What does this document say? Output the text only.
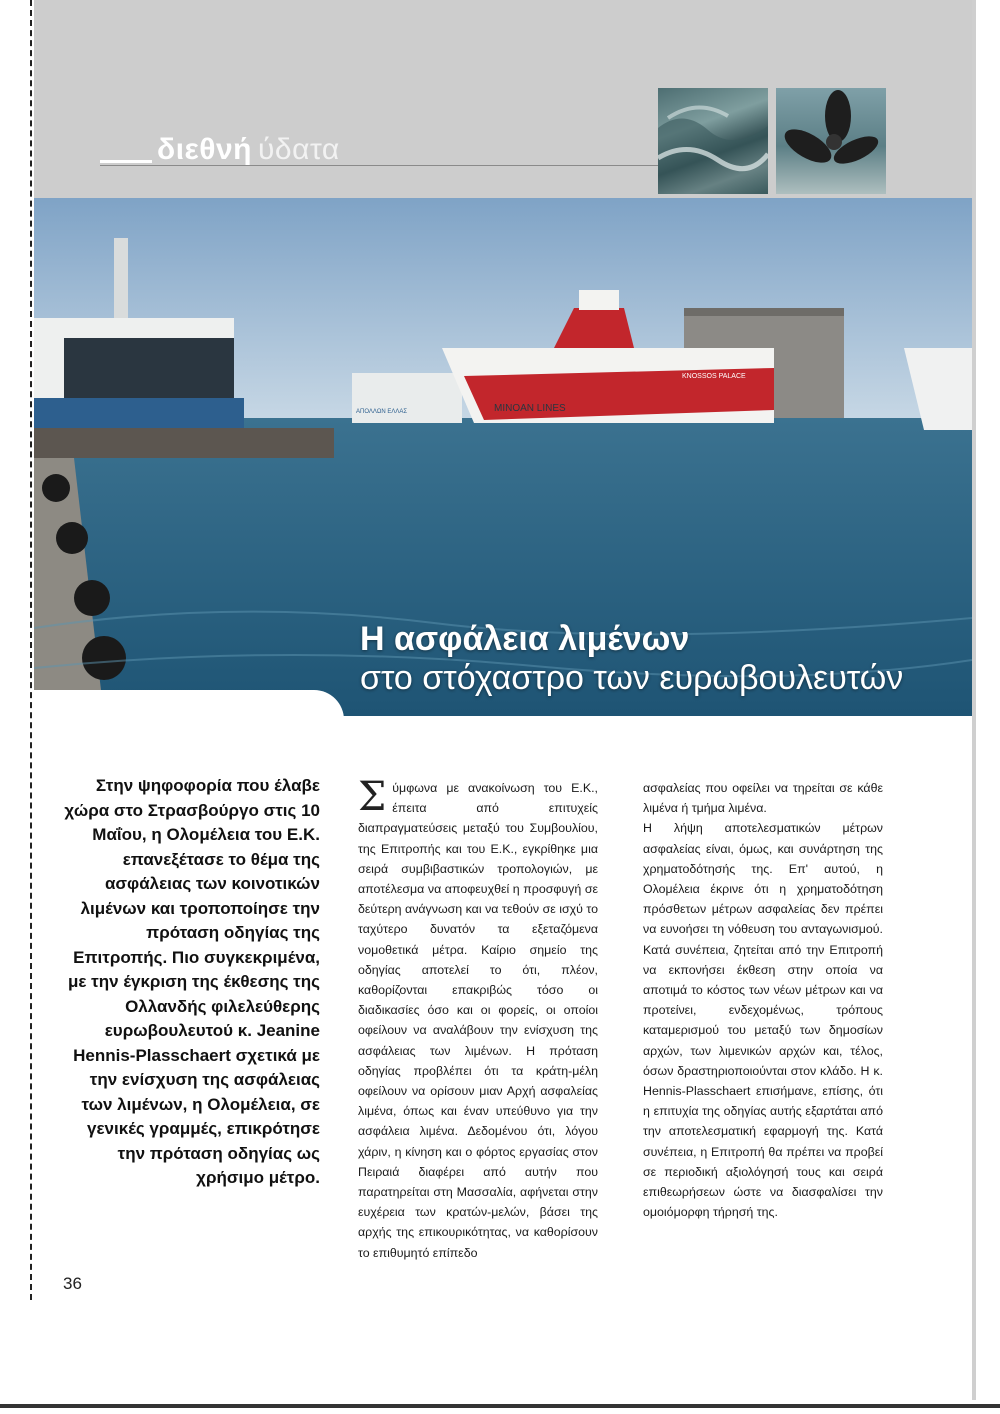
διεθνή ύδατα
MINOAN LINES
KNOSSOS PALACE
ΑΠΟΛΛΩΝ ΕΛΛΑΣ
Η ασφάλεια λιμένων
στο στόχαστρο των ευρωβουλευτών
Στην ψηφοφορία που έλαβε χώρα στο Στρασβούργο στις 10 Μαΐου, η Ολομέλεια του Ε.Κ. επανεξέτασε το θέμα της ασφάλειας των κοινοτικών λιμένων και τροποποίησε την πρόταση οδηγίας της Επιτροπής. Πιο συγκεκριμένα, με την έγκριση της έκθεσης της Ολλανδής φιλελεύθερης ευρωβουλευτού κ. Jeanine Hennis-Plasschaert σχετικά με την ενίσχυση της ασφάλειας των λιμένων, η Ολομέλεια, σε γενικές γραμμές, επικρότησε την πρόταση οδηγίας ως χρήσιμο μέτρο.

Σύμφωνα με ανακοίνωση του Ε.Κ., έπειτα από επιτυχείς διαπραγματεύσεις μεταξύ του Συμβουλίου, της Επιτροπής και του Ε.Κ., εγκρίθηκε μια σειρά συμβιβαστικών τροπολογιών, με αποτέλεσμα να αποφευχθεί η προσφυγή σε δεύτερη ανάγνωση και να τεθούν σε ισχύ το ταχύτερο δυνατόν τα εξεταζόμενα νομοθετικά μέτρα. Καίριο σημείο της οδηγίας αποτελεί το ότι, πλέον, καθορίζονται επακριβώς τόσο οι διαδικασίες όσο και οι φορείς, οι οποίοι οφείλουν να αναλάβουν την ενίσχυση της ασφάλειας των λιμένων. Η πρόταση οδηγίας προβλέπει ότι τα κράτη-μέλη οφείλουν να ορίσουν μιαν Αρχή ασφαλείας λιμένα, όπως και έναν υπεύθυνο για την ασφάλεια λιμένα. Δεδομένου ότι, λόγου χάριν, η κίνηση και ο φόρτος εργασίας στον Πειραιά διαφέρει από αυτήν που παρατηρείται στη Μασσαλία, αφήνεται στην ευχέρεια των κρατών-μελών, βάσει της αρχής της επικουρικότητας, να καθορίσουν το επιθυμητό επίπεδο

ασφαλείας που οφείλει να τηρείται σε κάθε λιμένα ή τμήμα λιμένα.

Η λήψη αποτελεσματικών μέτρων ασφαλείας είναι, όμως, και συνάρτηση της χρηματοδότησής της. Επ' αυτού, η Ολομέλεια έκρινε ότι η χρηματοδότηση πρόσθετων μέτρων ασφαλείας δεν πρέπει να ευνοήσει τη νόθευση του ανταγωνισμού. Κατά συνέπεια, ζητείται από την Επιτροπή να εκπονήσει έκθεση στην οποία να αποτιμά το κόστος των νέων μέτρων και να προτείνει, ενδεχομένως, τρόπους καταμερισμού του μεταξύ των δημοσίων αρχών, των λιμενικών αρχών και, τέλος, όσων δραστηριοποιούνται στον κλάδο. Η κ. Hennis-Plasschaert επισήμανε, επίσης, ότι η επιτυχία της οδηγίας αυτής εξαρτάται από την αποτελεσματική εφαρμογή της. Κατά συνέπεια, η Επιτροπή θα πρέπει να προβεί σε περιοδική αξιολόγησή τους και σειρά επιθεωρήσεων ώστε να διασφαλίσει την ομοιόμορφη τήρησή της.

36
